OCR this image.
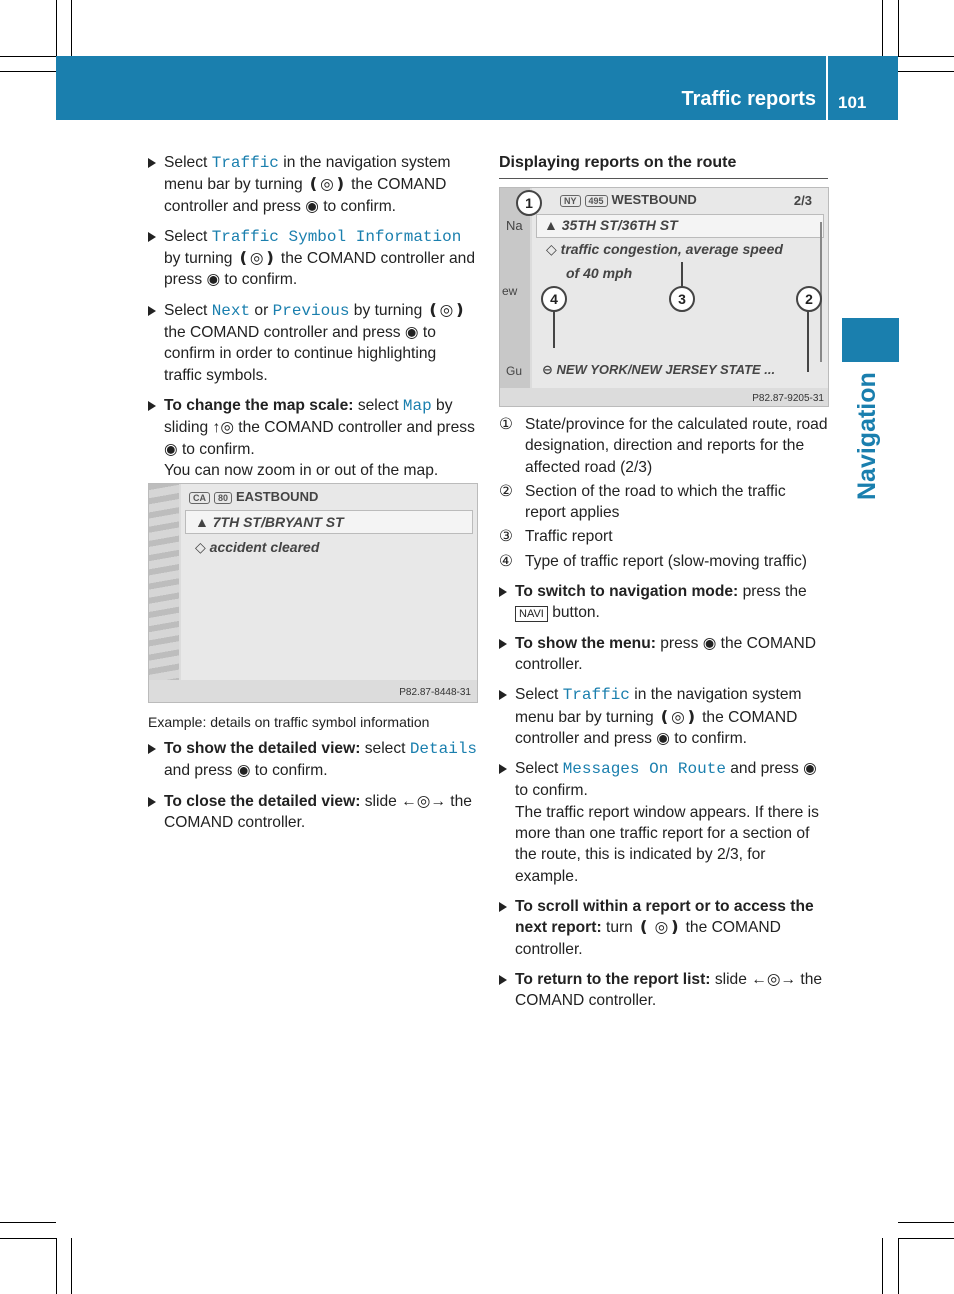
Traffic reports 101
Navigation
Select Traffic in the navigation system menu bar by turning ❪◎❫ the COMAND controller and press ◉ to confirm.
Select Traffic Symbol Information by turning ❪◎❫ the COMAND controller and press ◉ to confirm.
Select Next or Previous by turning ❪◎❫ the COMAND controller and press ◉ to confirm in order to continue highlighting traffic symbols.
To change the map scale: select Map by sliding ↑◎ the COMAND controller and press ◉ to confirm.
You can now zoom in or out of the map.
CA 80 EASTBOUND
▲ 7TH ST/BRYANT ST
◇ accident cleared
P82.87-8448-31
Example: details on traffic symbol information
To show the detailed view: select Details and press ◉ to confirm.
To close the detailed view: slide ←◎→ the COMAND controller.
Displaying reports on the route
Na
ew
Gu
NY 495 WESTBOUND	2/3
▲ 35TH ST/36TH ST
◇ traffic congestion, average speed
of 40 mph
⊖ NEW YORK/NEW JERSEY STATE ...
P82.87-9205-31
1
4	3	2
① State/province for the calculated route, road designation, direction and reports for the affected road (2/3)
② Section of the road to which the traffic report applies
③ Traffic report
④ Type of traffic report (slow-moving traffic)
To switch to navigation mode: press the NAVI button.
To show the menu: press ◉ the COMAND controller.
Select Traffic in the navigation system menu bar by turning ❪◎❫ the COMAND controller and press ◉ to confirm.
Select Messages On Route and press ◉ to confirm.
The traffic report window appears. If there is more than one traffic report for a section of the route, this is indicated by 2/3, for example.
To scroll within a report or to access the next report: turn ❪ ◎❫ the COMAND controller.
To return to the report list: slide ←◎→ the COMAND controller.
